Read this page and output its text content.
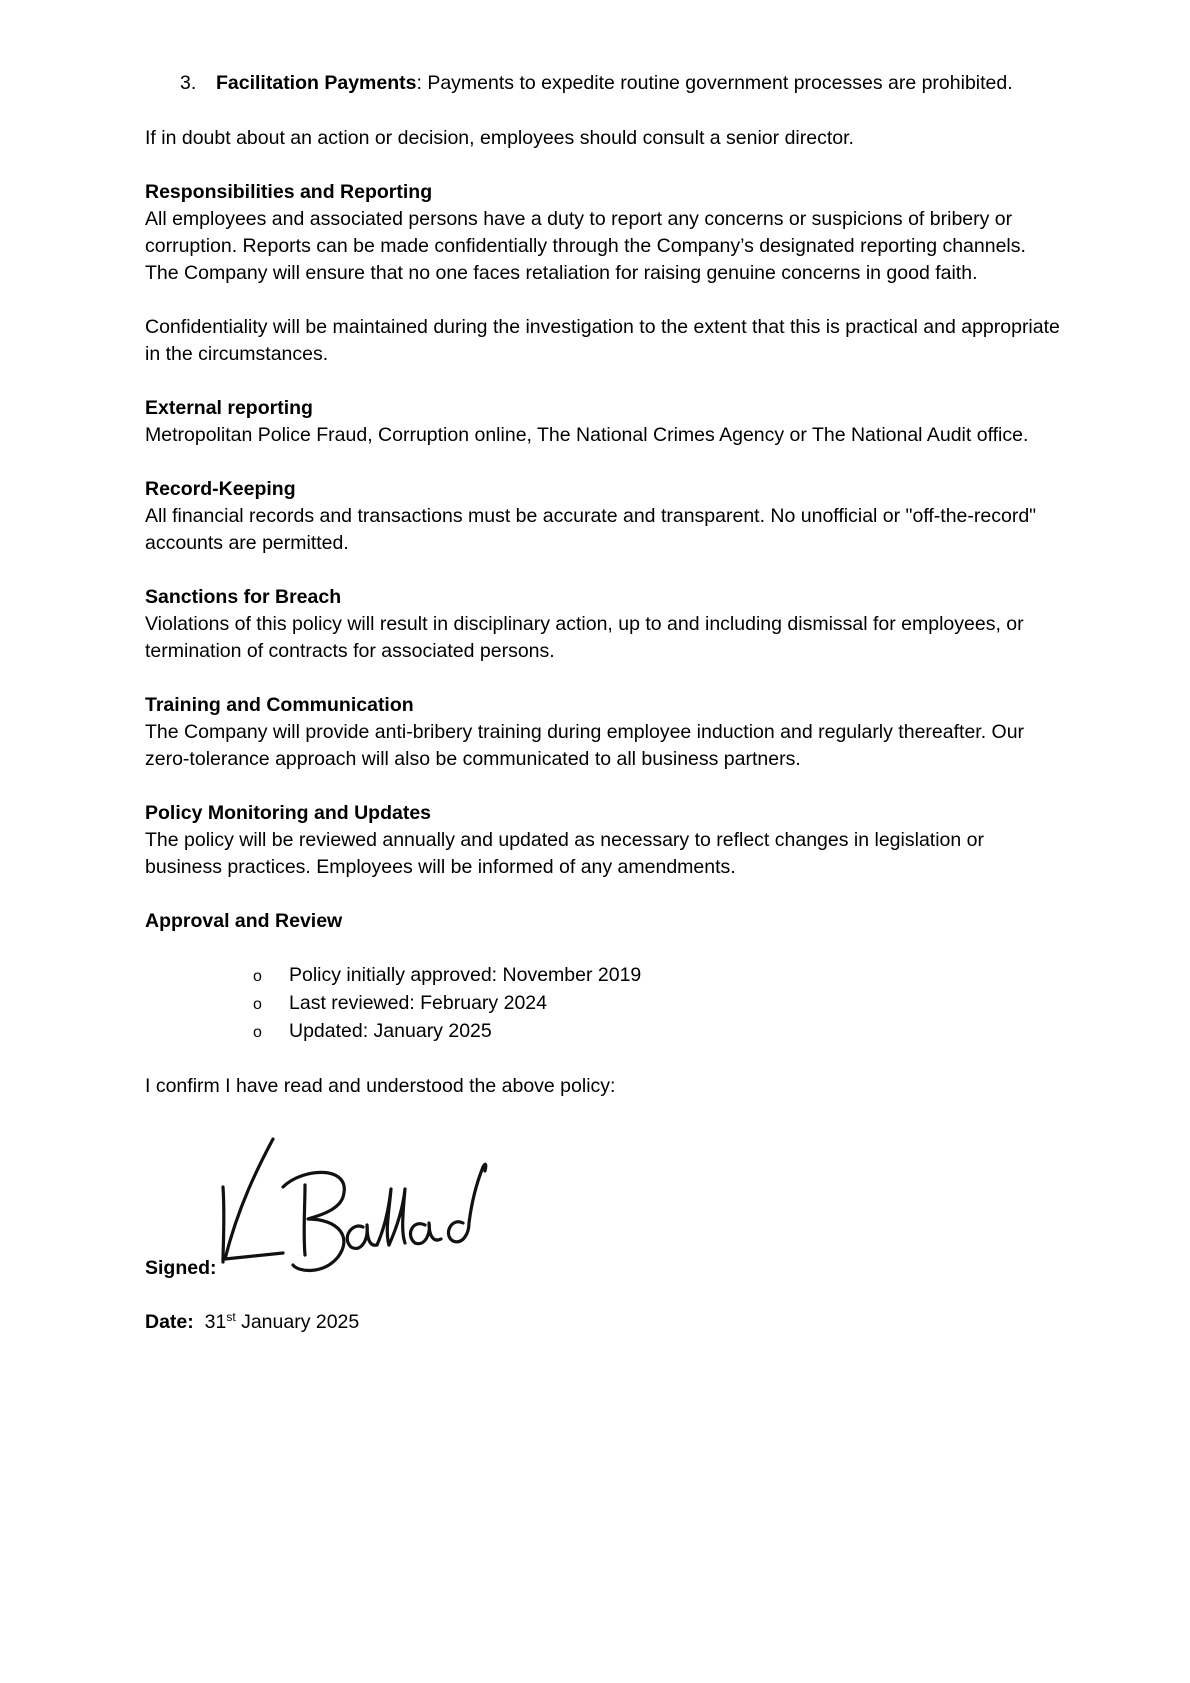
3.	Facilitation Payments: Payments to expedite routine government processes are prohibited.

If in doubt about an action or decision, employees should consult a senior director.

Responsibilities and Reporting
All employees and associated persons have a duty to report any concerns or suspicions of bribery or corruption. Reports can be made confidentially through the Company’s designated reporting channels. The Company will ensure that no one faces retaliation for raising genuine concerns in good faith.

Confidentiality will be maintained during the investigation to the extent that this is practical and appropriate in the circumstances.

External reporting
Metropolitan Police Fraud, Corruption online, The National Crimes Agency or The National Audit office.
Record-Keeping
All financial records and transactions must be accurate and transparent. No unofficial or "off-the-record" accounts are permitted.
Sanctions for Breach
Violations of this policy will result in disciplinary action, up to and including dismissal for employees, or termination of contracts for associated persons.
Training and Communication
The Company will provide anti-bribery training during employee induction and regularly thereafter. Our zero-tolerance approach will also be communicated to all business partners.
Policy Monitoring and Updates
The policy will be reviewed annually and updated as necessary to reflect changes in legislation or business practices. Employees will be informed of any amendments.
Approval and Review
o	Policy initially approved: November 2019
o	Last reviewed: February 2024
o	Updated: January 2025

I confirm I have read and understood the above policy:

Signed:
Date: 31st January 2025
